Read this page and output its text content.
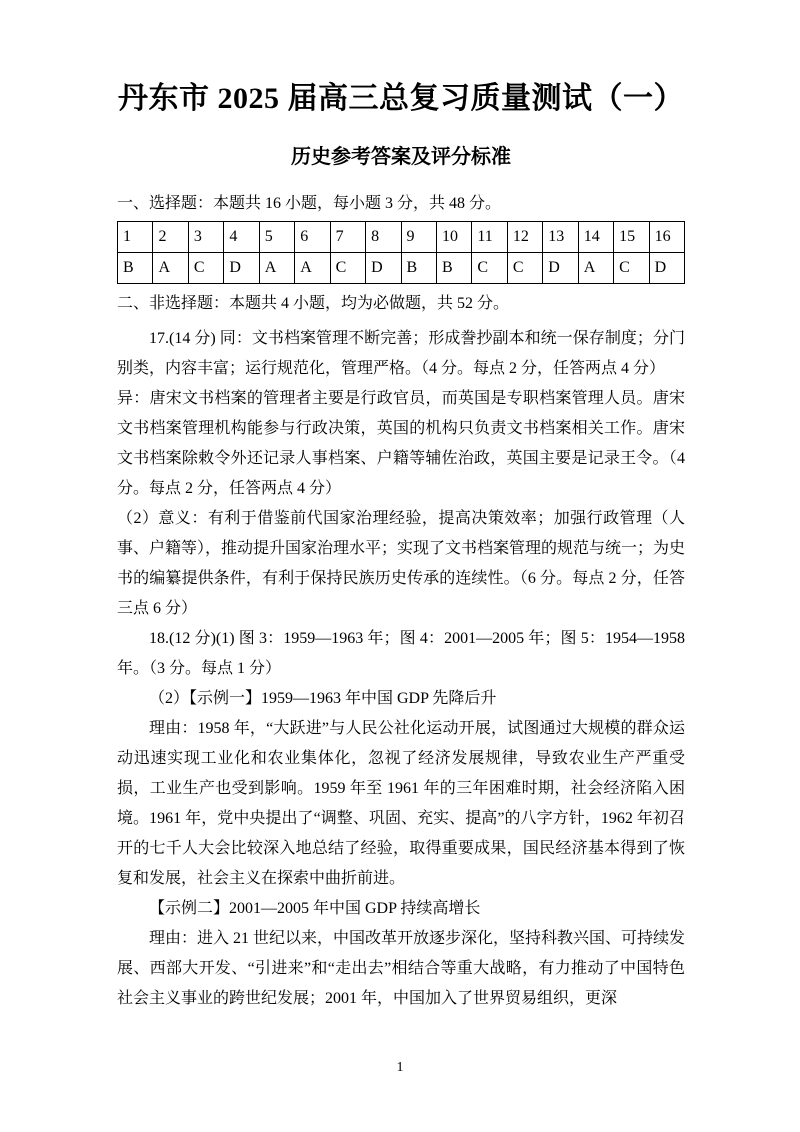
丹东市 2025 届高三总复习质量测试（一）
历史参考答案及评分标准

一、选择题：本题共 16 小题，每小题 3 分，共 48 分。

1	2	3	4	5	6	7	8	9	10	11	12	13	14	15	16
B	A	C	D	A	A	C	D	B	B	C	C	D	A	C	D

二、非选择题：本题共 4 小题，均为必做题，共 52 分。

17.(14 分) 同：文书档案管理不断完善；形成誊抄副本和统一保存制度；分门别类，内容丰富；运行规范化，管理严格。（4 分。每点 2 分，任答两点 4 分）

异：唐宋文书档案的管理者主要是行政官员，而英国是专职档案管理人员。唐宋文书档案管理机构能参与行政决策，英国的机构只负责文书档案相关工作。唐宋文书档案除敕令外还记录人事档案、户籍等辅佐治政，英国主要是记录王令。（4 分。每点 2 分，任答两点 4 分）

（2）意义：有利于借鉴前代国家治理经验，提高决策效率；加强行政管理（人事、户籍等），推动提升国家治理水平；实现了文书档案管理的规范与统一；为史书的编纂提供条件，有利于保持民族历史传承的连续性。（6 分。每点 2 分，任答三点 6 分）

18.(12 分)(1) 图 3：1959—1963 年；图 4：2001—2005 年；图 5：1954—1958 年。（3 分。每点 1 分）

（2）【示例一】1959—1963 年中国 GDP 先降后升

理由：1958 年，“大跃进”与人民公社化运动开展，试图通过大规模的群众运动迅速实现工业化和农业集体化，忽视了经济发展规律，导致农业生产严重受损，工业生产也受到影响。1959 年至 1961 年的三年困难时期，社会经济陷入困境。1961 年，党中央提出了“调整、巩固、充实、提高”的八字方针，1962 年初召开的七千人大会比较深入地总结了经验，取得重要成果，国民经济基本得到了恢复和发展，社会主义在探索中曲折前进。

【示例二】2001—2005 年中国 GDP 持续高增长

理由：进入 21 世纪以来，中国改革开放逐步深化，坚持科教兴国、可持续发展、西部大开发、“引进来”和“走出去”相结合等重大战略，有力推动了中国特色社会主义事业的跨世纪发展；2001 年，中国加入了世界贸易组织，更深

1
